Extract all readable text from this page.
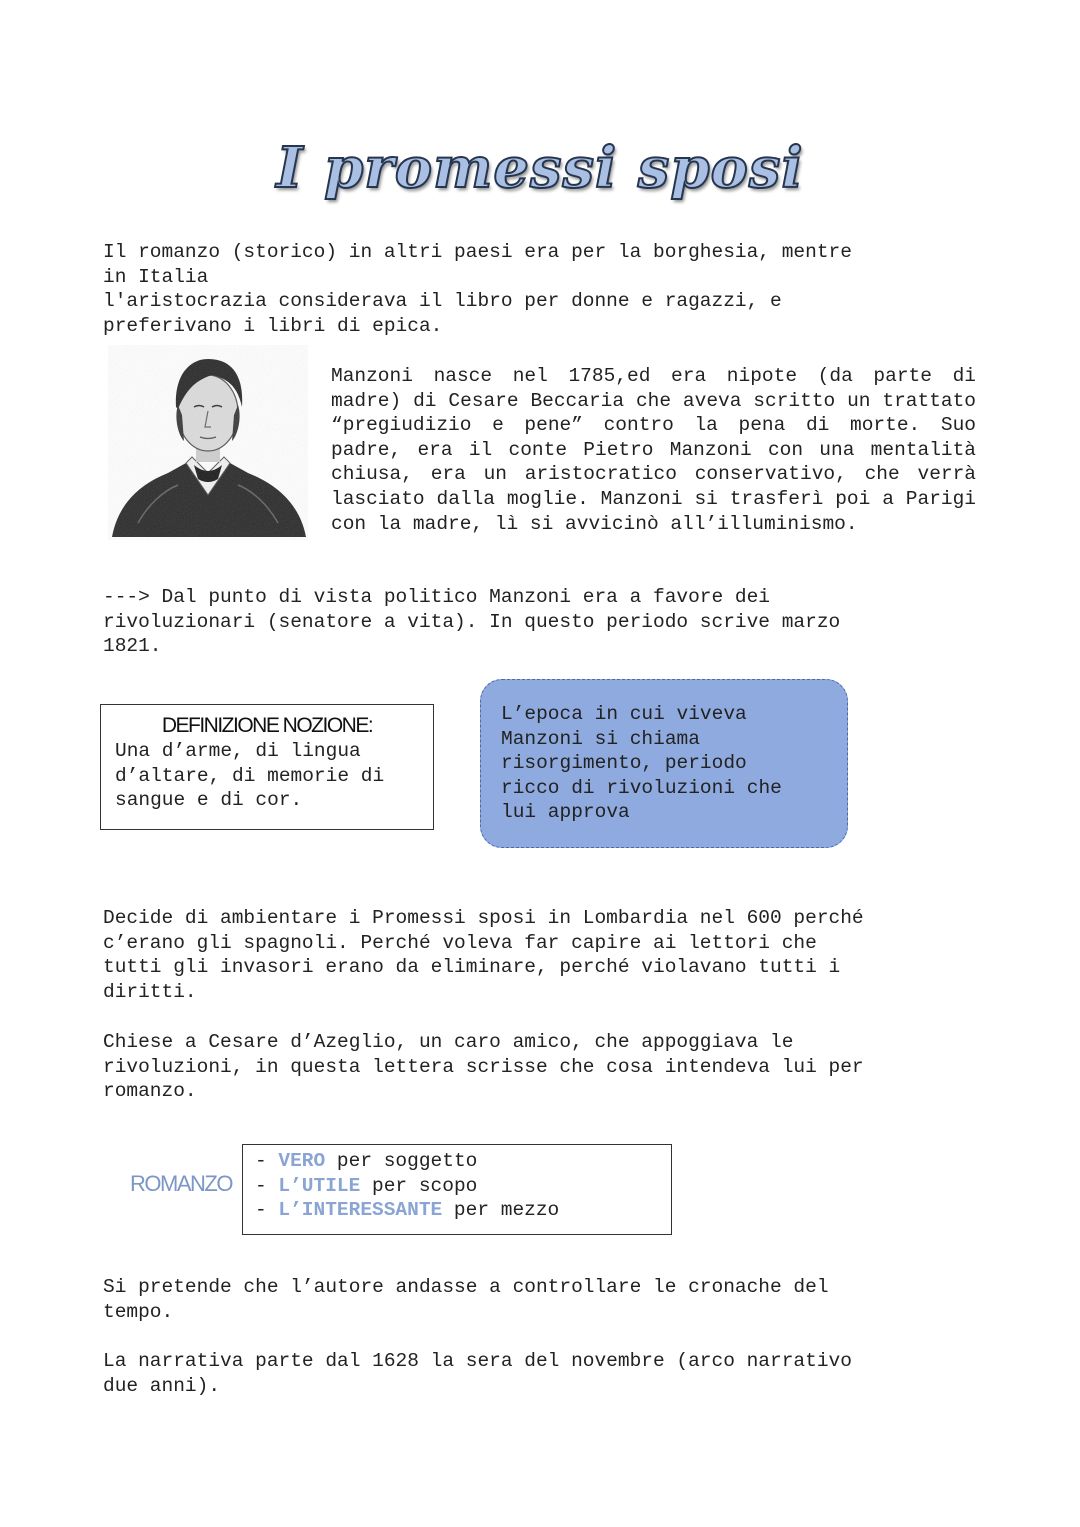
I promessi sposi
Il romanzo (storico) in altri paesi era per la borghesia, mentre
in Italia
l'aristocrazia considerava il libro per donne e ragazzi, e
preferivano i libri di epica.
Manzoni nasce nel 1785,ed era nipote (da parte di madre) di Cesare Beccaria che aveva scritto un trattato “pregiudizio e pene” contro la pena di morte. Suo padre, era il conte Pietro Manzoni con una mentalità chiusa, era un aristocratico conservativo, che verrà lasciato dalla moglie. Manzoni si trasferì poi a Parigi con la madre, lì si avvicinò all’illuminismo.
---> Dal punto di vista politico Manzoni era a favore dei
rivoluzionari (senatore a vita). In questo periodo scrive marzo
1821.
DEFINIZIONE NOZIONE:
Una d’arme, di lingua
d’altare, di memorie di
sangue e di cor.
L’epoca in cui viveva
Manzoni si chiama
risorgimento, periodo
ricco di rivoluzioni che
lui approva
Decide di ambientare i Promessi sposi in Lombardia nel 600 perché
c’erano gli spagnoli. Perché voleva far capire ai lettori che
tutti gli invasori erano da eliminare, perché violavano tutti i
diritti.
Chiese a Cesare d’Azeglio, un caro amico, che appoggiava le
rivoluzioni, in questa lettera scrisse che cosa intendeva lui per
romanzo.
ROMANZO
- VERO per soggetto
- L’UTILE per scopo
- L’INTERESSANTE per mezzo
Si pretende che l’autore andasse a controllare le cronache del
tempo.
La narrativa parte dal 1628 la sera del novembre (arco narrativo
due anni).
